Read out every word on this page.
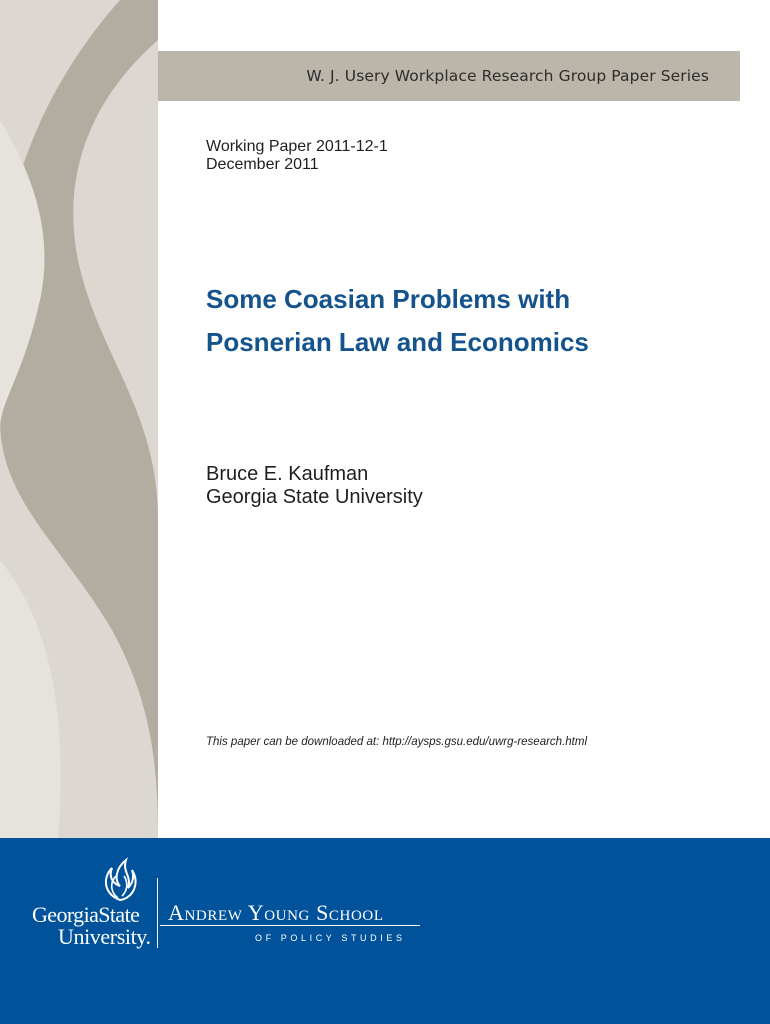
W. J. Usery Workplace Research Group Paper Series
Working Paper 2011-12-1
December 2011
Some Coasian Problems with Posnerian Law and Economics
Bruce E. Kaufman
Georgia State University
This paper can be downloaded at: http://aysps.gsu.edu/uwrg-research.html
GeorgiaState
University.
Andrew Young School
OF POLICY STUDIES
